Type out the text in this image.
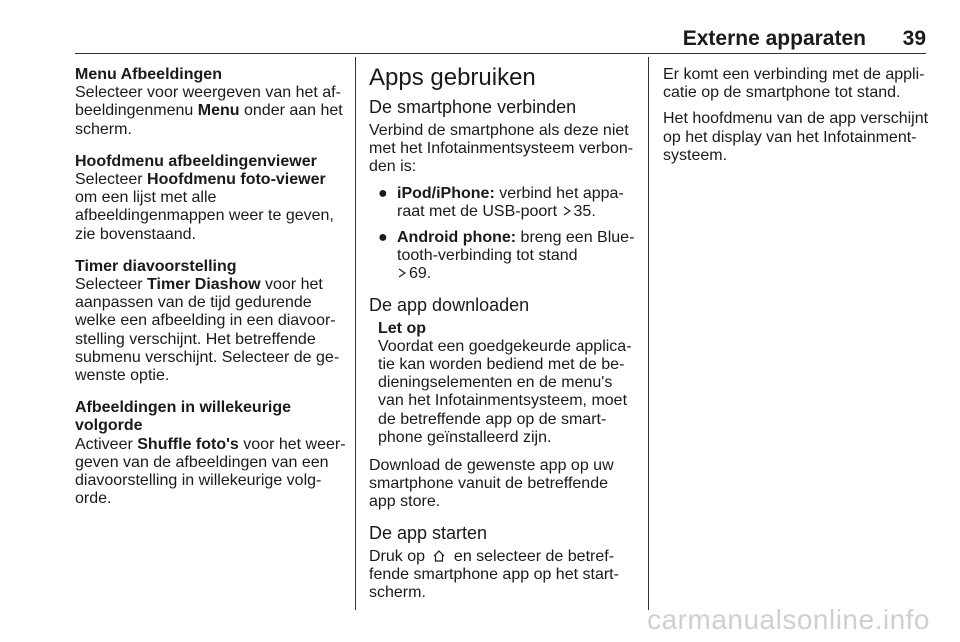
Externe apparaten 39

Menu Afbeeldingen

Selecteer voor weergeven van het afbeeldingenmenu Menu onder aan het scherm.

Hoofdmenu afbeeldingenviewer

Selecteer Hoofdmenu foto-viewer om een lijst met alle afbeeldingenmappen weer te geven, zie bovenstaand.

Timer diavoorstelling

Selecteer Timer Diashow voor het aanpassen van de tijd gedurende welke een afbeelding in een diavoorstelling verschijnt. Het betreffende submenu verschijnt. Selecteer de gewenste optie.

Afbeeldingen in willekeurige volgorde

Activeer Shuffle foto's voor het weergeven van de afbeeldingen van een diavoorstelling in willekeurige volgorde.

Apps gebruiken

De smartphone verbinden

Verbind de smartphone als deze niet met het Infotainmentsysteem verbonden is:

● iPod/iPhone: verbind het apparaat met de USB-poort
35.
● Android phone: breng een Bluetooth-verbinding tot stand

69.

De app downloaden

Let op
Voordat een goedgekeurde applicatie kan worden bediend met de bedieningselementen en de menu's van het Infotainmentsysteem, moet de betreffende app op de smartphone geïnstalleerd zijn.

Download de gewenste app op uw smartphone vanuit de betreffende app store.

De app starten

Druk op  en selecteer de betreffende smartphone app op het startscherm.

Er komt een verbinding met de applicatie op de smartphone tot stand.

Het hoofdmenu van de app verschijnt op het display van het Infotainmentsysteem.

carmanualsonline.info
